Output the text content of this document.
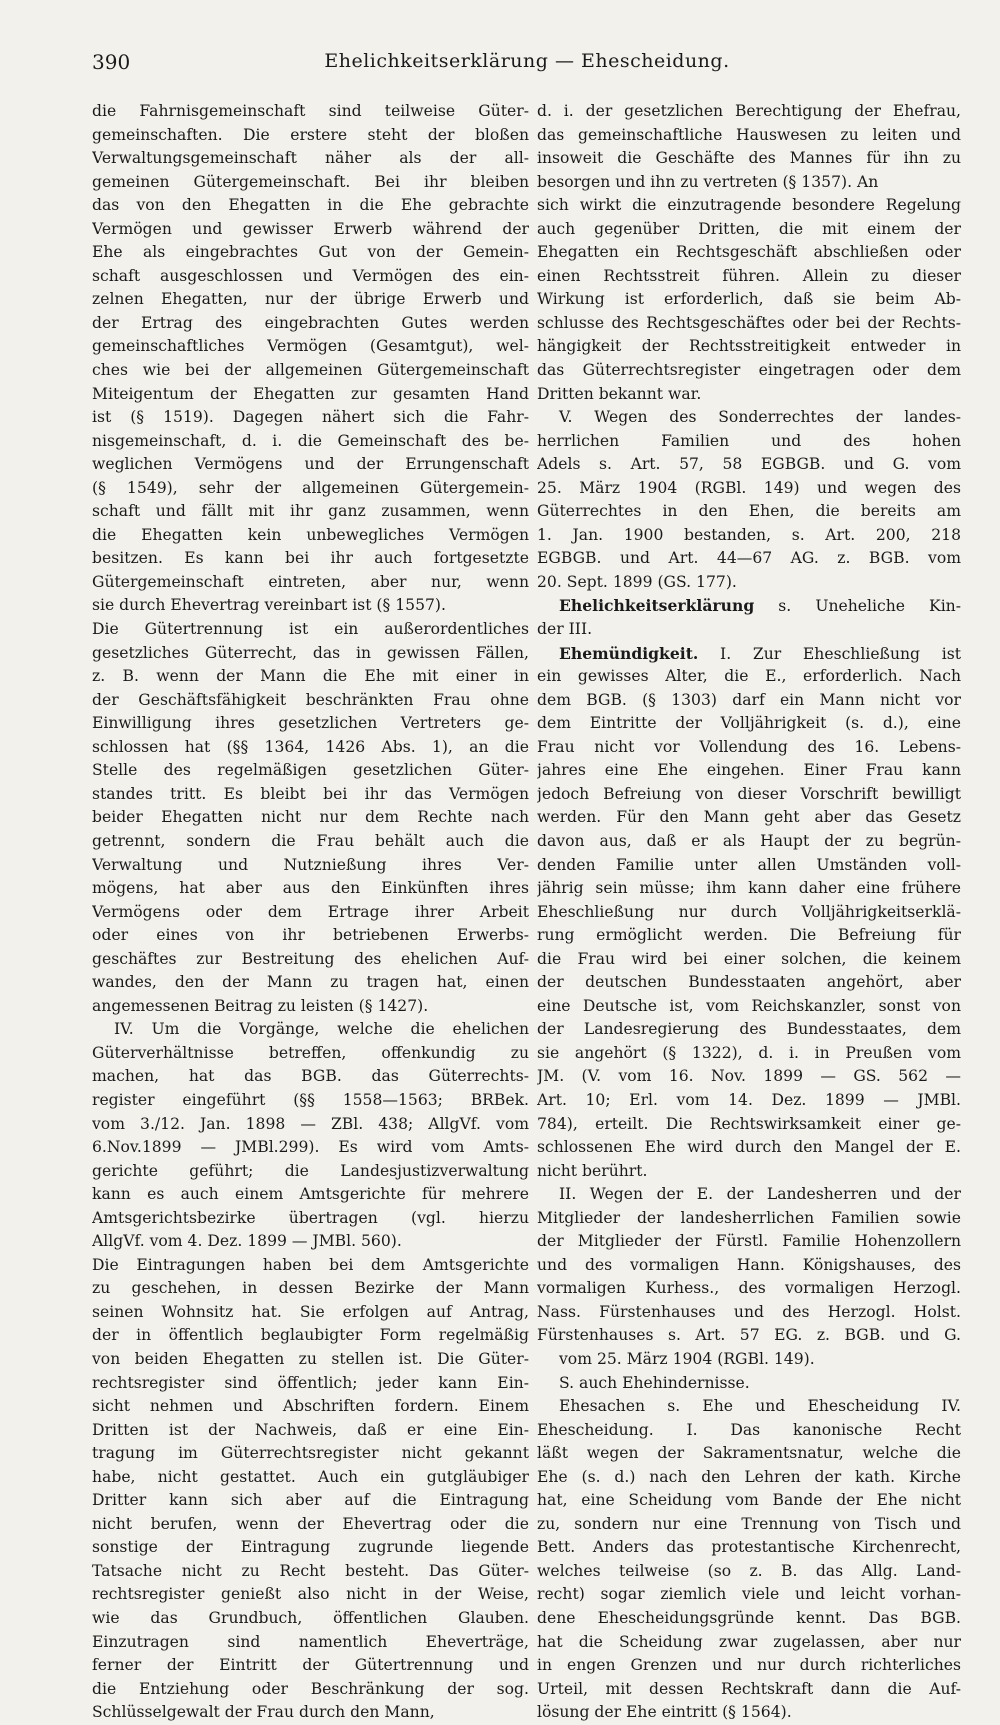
390	Ehelichkeitserklärung — Ehescheidung.
die Fahrnisgemeinschaft sind teilweise Güter-
gemeinschaften. Die erstere steht der bloßen
Verwaltungsgemeinschaft näher als der all-
gemeinen Gütergemeinschaft. Bei ihr bleiben
das von den Ehegatten in die Ehe gebrachte
Vermögen und gewisser Erwerb während der
Ehe als eingebrachtes Gut von der Gemein-
schaft ausgeschlossen und Vermögen des ein-
zelnen Ehegatten, nur der übrige Erwerb und
der Ertrag des eingebrachten Gutes werden
gemeinschaftliches Vermögen (Gesamtgut), wel-
ches wie bei der allgemeinen Gütergemeinschaft
Miteigentum der Ehegatten zur gesamten Hand
ist (§ 1519). Dagegen nähert sich die Fahr-
nisgemeinschaft, d. i. die Gemeinschaft des be-
weglichen Vermögens und der Errungenschaft
(§ 1549), sehr der allgemeinen Gütergemein-
schaft und fällt mit ihr ganz zusammen, wenn
die Ehegatten kein unbewegliches Vermögen
besitzen. Es kann bei ihr auch fortgesetzte
Gütergemeinschaft eintreten, aber nur, wenn
sie durch Ehevertrag vereinbart ist (§ 1557).
Die Gütertrennung ist ein außerordentliches
gesetzliches Güterrecht, das in gewissen Fällen,
z. B. wenn der Mann die Ehe mit einer in
der Geschäftsfähigkeit beschränkten Frau ohne
Einwilligung ihres gesetzlichen Vertreters ge-
schlossen hat (§§ 1364, 1426 Abs. 1), an die
Stelle des regelmäßigen gesetzlichen Güter-
standes tritt. Es bleibt bei ihr das Vermögen
beider Ehegatten nicht nur dem Rechte nach
getrennt, sondern die Frau behält auch die
Verwaltung und Nutznießung ihres Ver-
mögens, hat aber aus den Einkünften ihres
Vermögens oder dem Ertrage ihrer Arbeit
oder eines von ihr betriebenen Erwerbs-
geschäftes zur Bestreitung des ehelichen Auf-
wandes, den der Mann zu tragen hat, einen
angemessenen Beitrag zu leisten (§ 1427).
IV. Um die Vorgänge, welche die ehelichen
Güterverhältnisse betreffen, offenkundig zu
machen, hat das BGB. das Güterrechts-
register eingeführt (§§ 1558—1563; BRBek.
vom 3./12. Jan. 1898 — ZBl. 438; AllgVf. vom
6.Nov.1899 — JMBl.299). Es wird vom Amts-
gerichte geführt; die Landesjustizverwaltung
kann es auch einem Amtsgerichte für mehrere
Amtsgerichtsbezirke übertragen (vgl. hierzu
AllgVf. vom 4. Dez. 1899 — JMBl. 560).
Die Eintragungen haben bei dem Amtsgerichte
zu geschehen, in dessen Bezirke der Mann
seinen Wohnsitz hat. Sie erfolgen auf Antrag,
der in öffentlich beglaubigter Form regelmäßig
von beiden Ehegatten zu stellen ist. Die Güter-
rechtsregister sind öffentlich; jeder kann Ein-
sicht nehmen und Abschriften fordern. Einem
Dritten ist der Nachweis, daß er eine Ein-
tragung im Güterrechtsregister nicht gekannt
habe, nicht gestattet. Auch ein gutgläubiger
Dritter kann sich aber auf die Eintragung
nicht berufen, wenn der Ehevertrag oder die
sonstige der Eintragung zugrunde liegende
Tatsache nicht zu Recht besteht. Das Güter-
rechtsregister genießt also nicht in der Weise,
wie das Grundbuch, öffentlichen Glauben.
Einzutragen sind namentlich Eheverträge,
ferner der Eintritt der Gütertrennung und
die Entziehung oder Beschränkung der sog.
Schlüsselgewalt der Frau durch den Mann,
d. i. der gesetzlichen Berechtigung der Ehefrau,
das gemeinschaftliche Hauswesen zu leiten und
insoweit die Geschäfte des Mannes für ihn zu
besorgen und ihn zu vertreten (§ 1357). An
sich wirkt die einzutragende besondere Regelung
auch gegenüber Dritten, die mit einem der
Ehegatten ein Rechtsgeschäft abschließen oder
einen Rechtsstreit führen. Allein zu dieser
Wirkung ist erforderlich, daß sie beim Ab-
schlusse des Rechtsgeschäftes oder bei der Rechts-
hängigkeit der Rechtsstreitigkeit entweder in
das Güterrechtsregister eingetragen oder dem
Dritten bekannt war.
V. Wegen des Sonderrechtes der landes-
herrlichen Familien und des hohen
Adels s. Art. 57, 58 EGBGB. und G. vom
25. März 1904 (RGBl. 149) und wegen des
Güterrechtes in den Ehen, die bereits am
1. Jan. 1900 bestanden, s. Art. 200, 218
EGBGB. und Art. 44—67 AG. z. BGB. vom
20. Sept. 1899 (GS. 177).
Ehelichkeitserklärung s. Uneheliche Kin-
der III.
Ehemündigkeit. I. Zur Eheschließung ist
ein gewisses Alter, die E., erforderlich. Nach
dem BGB. (§ 1303) darf ein Mann nicht vor
dem Eintritte der Volljährigkeit (s. d.), eine
Frau nicht vor Vollendung des 16. Lebens-
jahres eine Ehe eingehen. Einer Frau kann
jedoch Befreiung von dieser Vorschrift bewilligt
werden. Für den Mann geht aber das Gesetz
davon aus, daß er als Haupt der zu begrün-
denden Familie unter allen Umständen voll-
jährig sein müsse; ihm kann daher eine frühere
Eheschließung nur durch Volljährigkeitserklä-
rung ermöglicht werden. Die Befreiung für
die Frau wird bei einer solchen, die keinem
der deutschen Bundesstaaten angehört, aber
eine Deutsche ist, vom Reichskanzler, sonst von
der Landesregierung des Bundesstaates, dem
sie angehört (§ 1322), d. i. in Preußen vom
JM. (V. vom 16. Nov. 1899 — GS. 562 —
Art. 10; Erl. vom 14. Dez. 1899 — JMBl.
784), erteilt. Die Rechtswirksamkeit einer ge-
schlossenen Ehe wird durch den Mangel der E.
nicht berührt.
II. Wegen der E. der Landesherren und der
Mitglieder der landesherrlichen Familien sowie
der Mitglieder der Fürstl. Familie Hohenzollern
und des vormaligen Hann. Königshauses, des
vormaligen Kurhess., des vormaligen Herzogl.
Nass. Fürstenhauses und des Herzogl. Holst.
Fürstenhauses s. Art. 57 EG. z. BGB. und G.
vom 25. März 1904 (RGBl. 149).
S. auch Ehehindernisse.
Ehesachen s. Ehe und Ehescheidung IV.
Ehescheidung. I. Das kanonische Recht
läßt wegen der Sakramentsnatur, welche die
Ehe (s. d.) nach den Lehren der kath. Kirche
hat, eine Scheidung vom Bande der Ehe nicht
zu, sondern nur eine Trennung von Tisch und
Bett. Anders das protestantische Kirchenrecht,
welches teilweise (so z. B. das Allg. Land-
recht) sogar ziemlich viele und leicht vorhan-
dene Ehescheidungsgründe kennt. Das BGB.
hat die Scheidung zwar zugelassen, aber nur
in engen Grenzen und nur durch richterliches
Urteil, mit dessen Rechtskraft dann die Auf-
lösung der Ehe eintritt (§ 1564).
